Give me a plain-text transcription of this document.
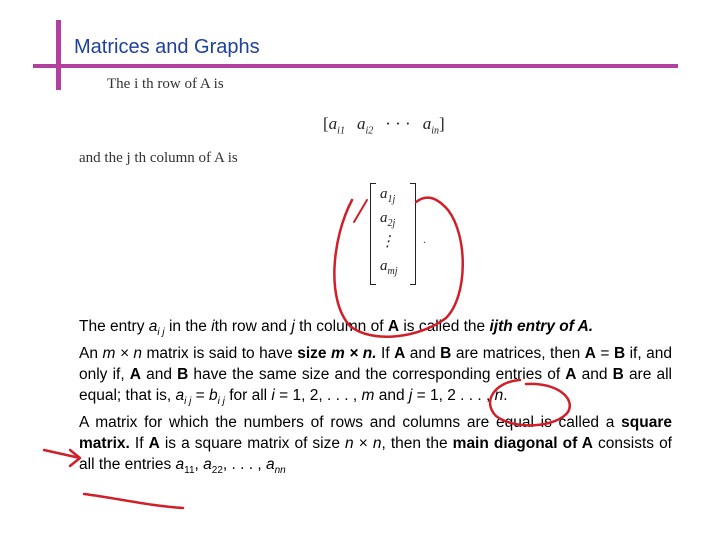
Matrices and Graphs
The i th row of A is
[$a_{i1}$ $a_{i2}$ · · · $a_{in}$]
and the j th column of A is
$a_{1j}$
$a_{2j}$
⋮
$a_{mj}$
.

The entry $a_{i j}$ in the ith row and j th column of A is called the ijth entry of A.

An m × n matrix is said to have size m × n. If A and B are matrices, then A = B if, and only if, A and B have the same size and the corresponding entries of A and B are all equal; that is, $a_{i j} = b_{i j}$ for all i = 1, 2, . . . , m and j = 1, 2 . . . , n.

A matrix for which the numbers of rows and columns are equal is called a square matrix. If A is a square matrix of size n × n, then the main diagonal of A consists of all the entries $a_{11}$, $a_{22}$, . . . , $a_{nn}$
